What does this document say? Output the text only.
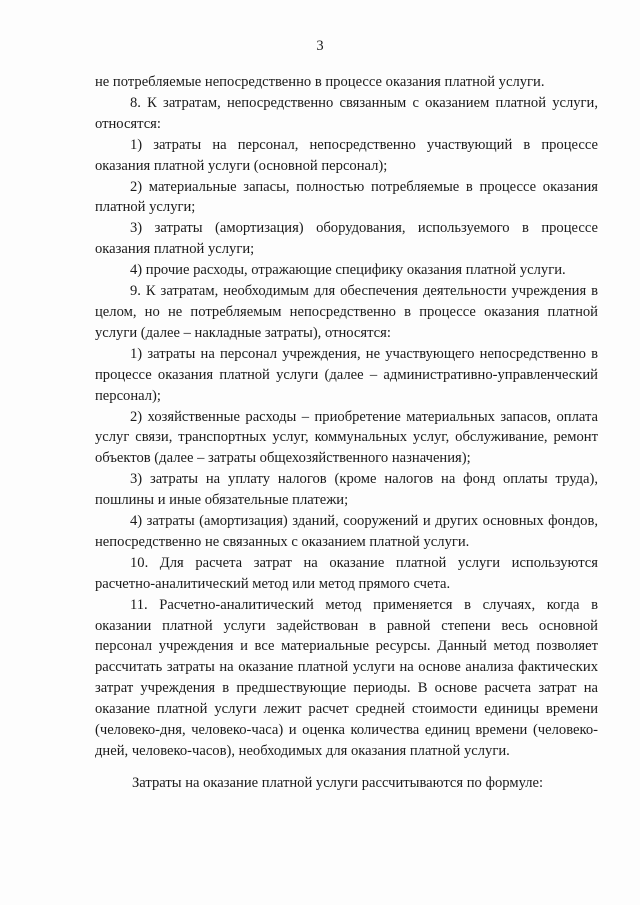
3

не потребляемые непосредственно в процессе оказания платной услуги.

8. К затратам, непосредственно связанным с оказанием платной услуги, относятся:

1) затраты на персонал, непосредственно участвующий в процессе оказания платной услуги (основной персонал);

2) материальные запасы, полностью потребляемые в процессе оказания платной услуги;

3) затраты (амортизация) оборудования, используемого в процессе оказания платной услуги;

4) прочие расходы, отражающие специфику оказания платной услуги.

9. К затратам, необходимым для обеспечения деятельности учреждения в целом, но не потребляемым непосредственно в процессе оказания платной услуги (далее – накладные затраты), относятся:

1) затраты на персонал учреждения, не участвующего непосредственно в процессе оказания платной услуги (далее – административно-управленческий персонал);

2) хозяйственные расходы – приобретение материальных запасов, оплата услуг связи, транспортных услуг, коммунальных услуг, обслуживание, ремонт объектов (далее – затраты общехозяйственного назначения);

3) затраты на уплату налогов (кроме налогов на фонд оплаты труда), пошлины и иные обязательные платежи;

4) затраты (амортизация) зданий, сооружений и других основных фондов, непосредственно не связанных с оказанием платной услуги.

10. Для расчета затрат на оказание платной услуги используются расчетно-аналитический метод или метод прямого счета.

11. Расчетно-аналитический метод применяется в случаях, когда в оказании платной услуги задействован в равной степени весь основной персонал учреждения и все материальные ресурсы. Данный метод позволяет рассчитать затраты на оказание платной услуги на основе анализа фактических затрат учреждения в предшествующие периоды. В основе расчета затрат на оказание платной услуги лежит расчет средней стоимости единицы времени (человеко-дня, человеко-часа) и оценка количества единиц времени (человеко-дней, человеко-часов), необходимых для оказания платной услуги.

Затраты на оказание платной услуги рассчитываются по формуле:
